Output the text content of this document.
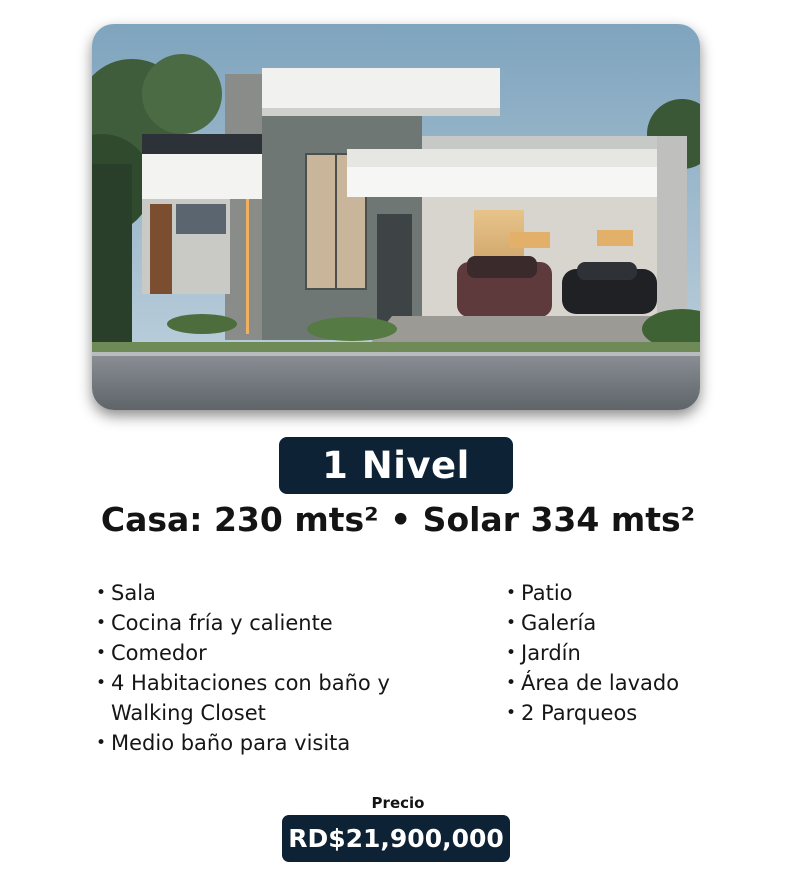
1 Nivel
Casa: 230 mts² • Solar 334 mts²
• Sala
• Cocina fría y caliente
• Comedor
• 4 Habitaciones con baño y Walking Closet
• Medio baño para visita
• Patio
• Galería
• Jardín
• Área de lavado
• 2 Parqueos
Precio
RD$21,900,000
